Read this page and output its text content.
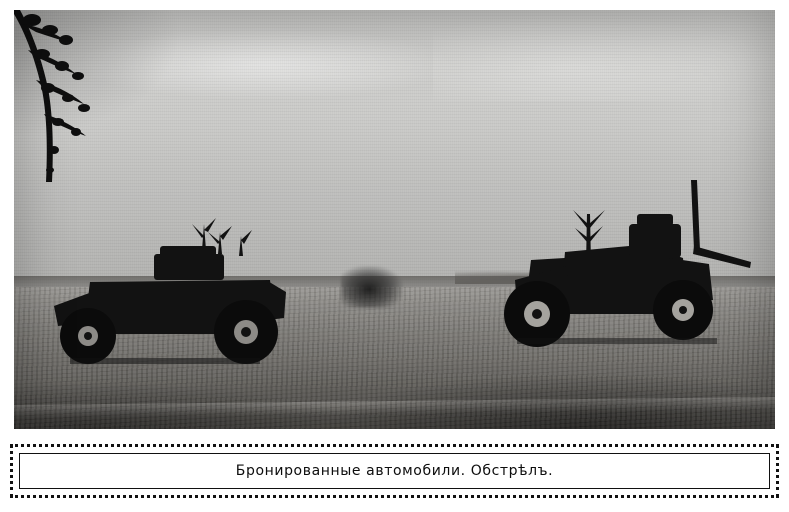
Бронированные автомобили. Обстрѣлъ.
